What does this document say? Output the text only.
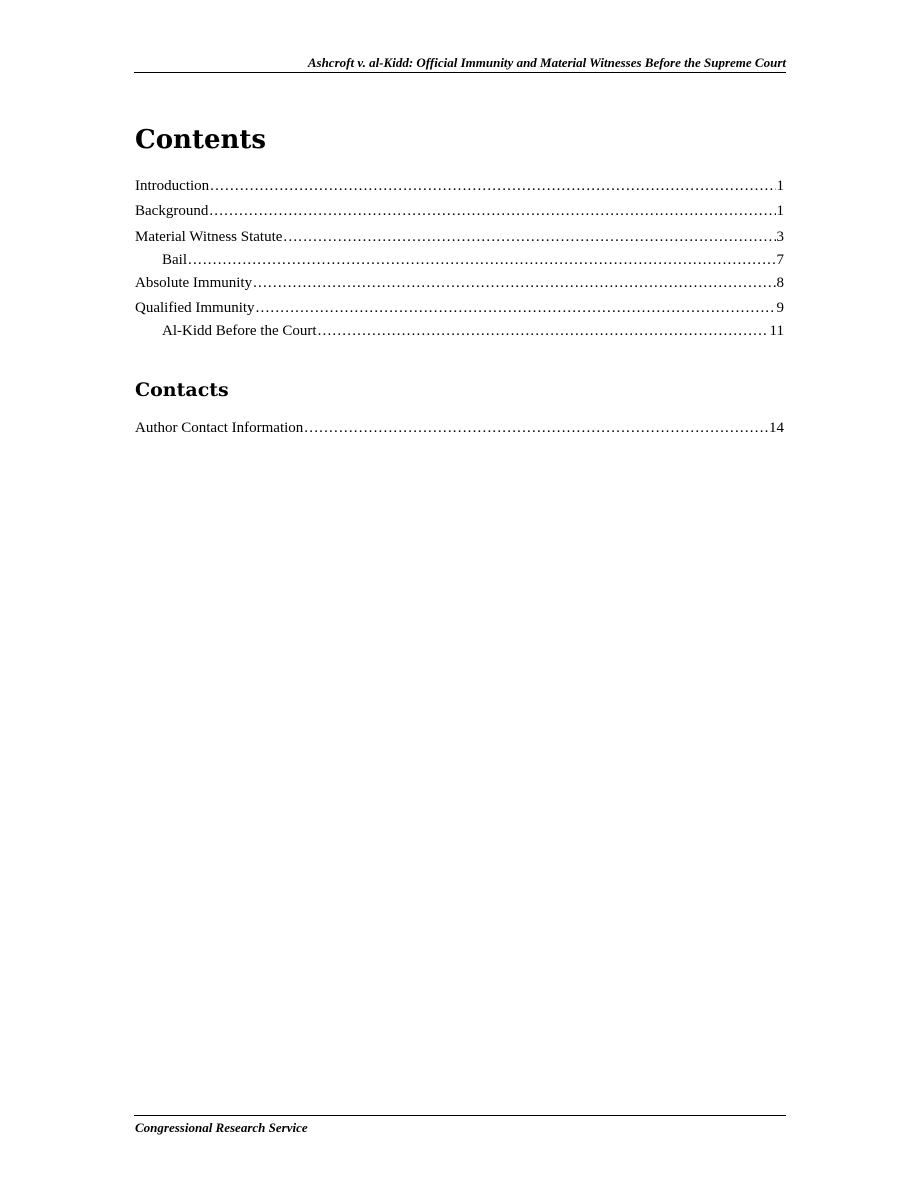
Ashcroft v. al-Kidd: Official Immunity and Material Witnesses Before the Supreme Court
Contents
Introduction .....	1
Background .....	1
Material Witness Statute .....	3
Bail .....	7
Absolute Immunity .....	8
Qualified Immunity .....	9
Al-Kidd Before the Court .....	11
Contacts
Author Contact Information .....	14
Congressional Research Service
